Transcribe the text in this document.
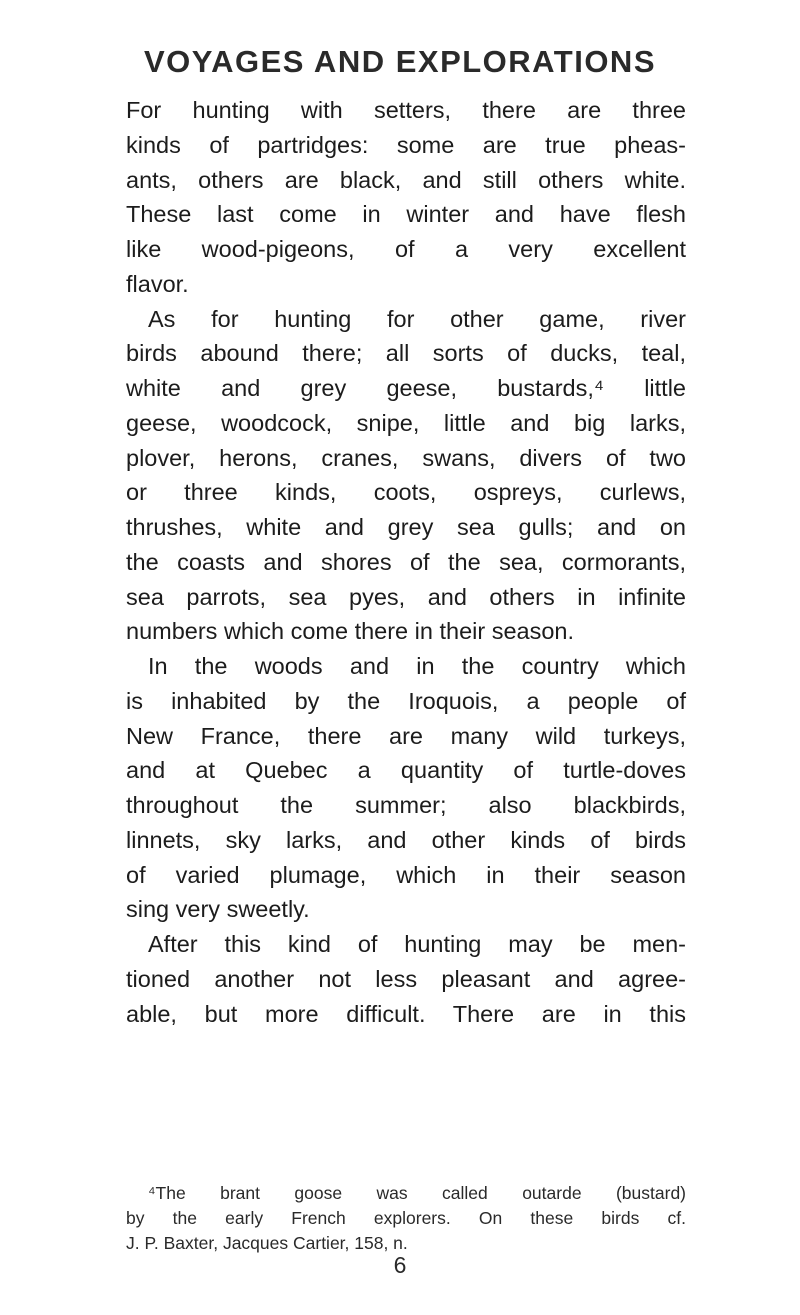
VOYAGES AND EXPLORATIONS
For hunting with setters, there are three
kinds of partridges: some are true pheas-
ants, others are black, and still others white.
These last come in winter and have flesh
like wood-pigeons, of a very excellent
flavor.
As for hunting for other game, river
birds abound there; all sorts of ducks, teal,
white and grey geese, bustards,⁴ little
geese, woodcock, snipe, little and big larks,
plover, herons, cranes, swans, divers of two
or three kinds, coots, ospreys, curlews,
thrushes, white and grey sea gulls; and on
the coasts and shores of the sea, cormorants,
sea parrots, sea pyes, and others in infinite
numbers which come there in their season.
In the woods and in the country which
is inhabited by the Iroquois, a people of
New France, there are many wild turkeys,
and at Quebec a quantity of turtle-doves
throughout the summer; also blackbirds,
linnets, sky larks, and other kinds of birds
of varied plumage, which in their season
sing very sweetly.
After this kind of hunting may be men-
tioned another not less pleasant and agree-
able, but more difficult. There are in this
⁴The brant goose was called outarde (bustard)
by the early French explorers. On these birds cf.
J. P. Baxter, Jacques Cartier, 158, n.
6
